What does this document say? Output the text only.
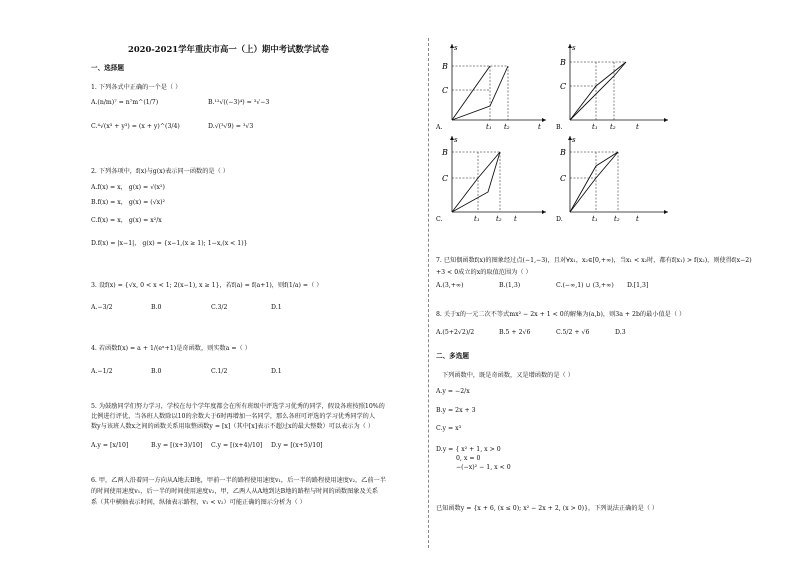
2020-2021学年重庆市高一（上）期中考试数学试卷
一、选择题
1. 下列各式中正确的一个是（ ）
A.(n/m)⁷ = n⁷m^(1/7)	B.¹²√((−3)⁴) = ³√−3
C.⁴√(x³ + y³) = (x + y)^(3/4)	D.√(³√9) = ³√3
2. 下列各项中，f(x)与g(x)表示同一函数的是（ ）
A.f(x) = x， g(x) = √(x²)
B.f(x) = x， g(x) = (√x)²
C.f(x) = x， g(x) = x²/x
D.f(x) = |x−1|， g(x) = {x−1,(x ≥ 1); 1−x,(x < 1)}
3. 设f(x) = {√x, 0 < x < 1; 2(x−1), x ≥ 1}，若f(a) = f(a+1)，则f(1/a) =（ ）
A.−3/2	B.0	C.3/2	D.1
4. 若函数f(x) = a + 1/(eˣ+1)是奇函数，则实数a =（ ）
A.−1/2	B.0	C.1/2	D.1
5. 为鼓励同学们努力学习，学校在每个学年度都会在所有班级中评选学习优秀的同学，假设各班按照10%的
比例进行评优，当各班人数除以10的余数大于6时再增加一名同学，那么各班可评选的学习优秀同学的人
数y与该班人数x之间的函数关系用取整函数y = [x]（其中[x]表示不超过x的最大整数）可以表示为（ ）
A.y = [x/10]	B.y = [(x+3)/10] C.y = [(x+4)/10] D.y = [(x+5)/10]
6. 甲，乙两人沿着同一方向从A地去B地，甲前一半的路程使用速度v₁，后一半的路程使用速度v₂，乙前一半
的时间使用速度v₁，后一半的时间使用速度v₂，甲，乙两人从A地到达B地的路程与时间的函数图象及关系
系（其中横轴表示时间，纵轴表示路程，v₁ < v₂）可能正确的图示分析为（ ）
s
B
C
t₁ t₂	t
A.
s
B
C
t₁ t₂	t
B.
s
B
C
t₁ t₂ t
C.
s
B
C
t₁ t₂ t
D.
7. 已知偶函数f(x)的图象经过点(−1,−3)，且对∀x₁，x₂∈[0,+∞)，当x₁ < x₂时，都有f(x₁) > f(x₂)，则使得f(x−2)
+3 < 0成立的x的取值范围为（ ）
A.(3,+∞)	B.(1,3)	C.(−∞,1) ∪ (3,+∞) D.[1,3]
8. 关于x的一元二次不等式mx² − 2x + 1 < 0的解集为(a,b)，则3a + 2b的最小值是（ ）
A.(5+2√2)/2	B.5 + 2√6	C.5/2 + √6	D.3
二、多选题
下列函数中，既是奇函数，又是增函数的是（ ）
A.y = −2/x
B.y = 2x + 3
C.y = x³
D.y = { x² + 1, x > 0
0, x = 0
−(−x)² − 1, x < 0
已知函数y = {x + 6, (x ≤ 0); x² − 2x + 2, (x > 0)}，下列说法正确的是（ ）
